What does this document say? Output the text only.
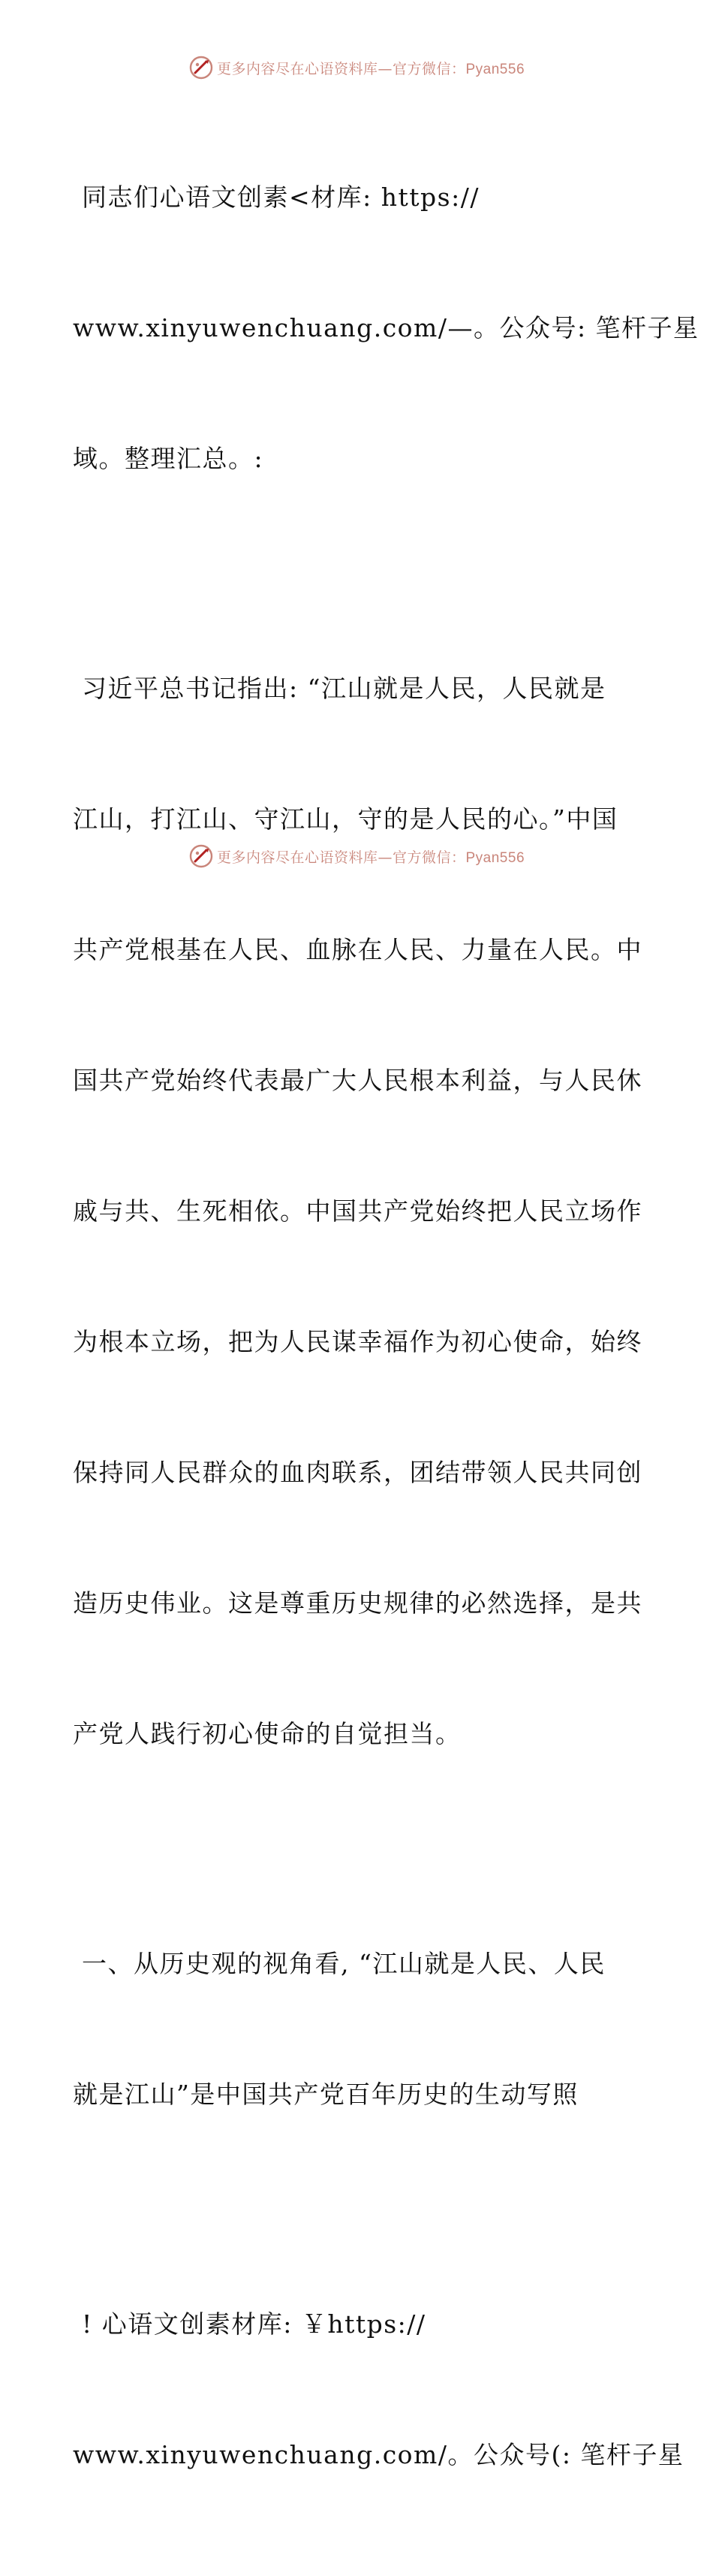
更多内容尽在心语资料库—官方微信：Pyan556

同志们心语文创素<材库: https://

www.xinyuwenchuang.com/—。公众号: 笔杆子星

域。整理汇总。:

习近平总书记指出: “江山就是人民，人民就是

江山，打江山、守江山，守的是人民的心。”中国

共产党根基在人民、血脉在人民、力量在人民。中

国共产党始终代表最广大人民根本利益，与人民休

戚与共、生死相依。中国共产党始终把人民立场作

为根本立场，把为人民谋幸福作为初心使命，始终

保持同人民群众的血肉联系，团结带领人民共同创

造历史伟业。这是尊重历史规律的必然选择，是共

产党人践行初心使命的自觉担当。

一、从历史观的视角看, “江山就是人民、人民

就是江山”是中国共产党百年历史的生动写照

! 心语文创素材库: ￥https://

www.xinyuwenchuang.com/。公众号(: 笔杆子星

更多内容尽在心语资料库—官方微信：Pyan556
